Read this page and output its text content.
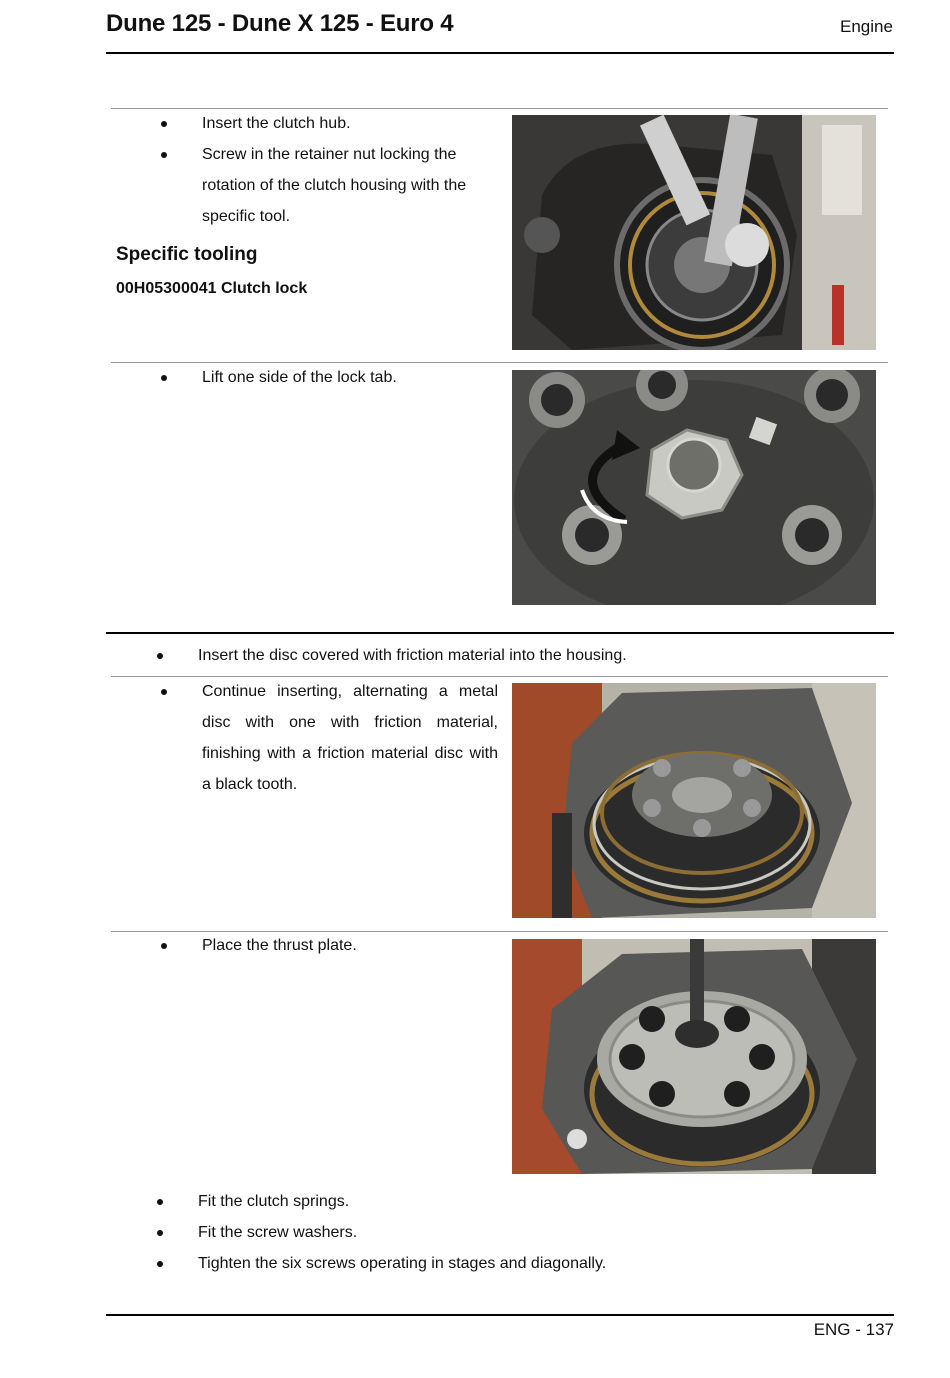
Dune 125 - Dune X 125 - Euro 4	Engine
Insert the clutch hub.
Screw in the retainer nut locking the rotation of the clutch housing with the specific tool.
Specific tooling
00H05300041 Clutch lock
Lift one side of the lock tab.
Insert the disc covered with friction material into the housing.
Continue inserting, alternating a metal disc with one with friction material, finishing with a friction material disc with a black tooth.
Place the thrust plate.
Fit the clutch springs.
Fit the screw washers.
Tighten the six screws operating in stages and diagonally.
ENG - 137
